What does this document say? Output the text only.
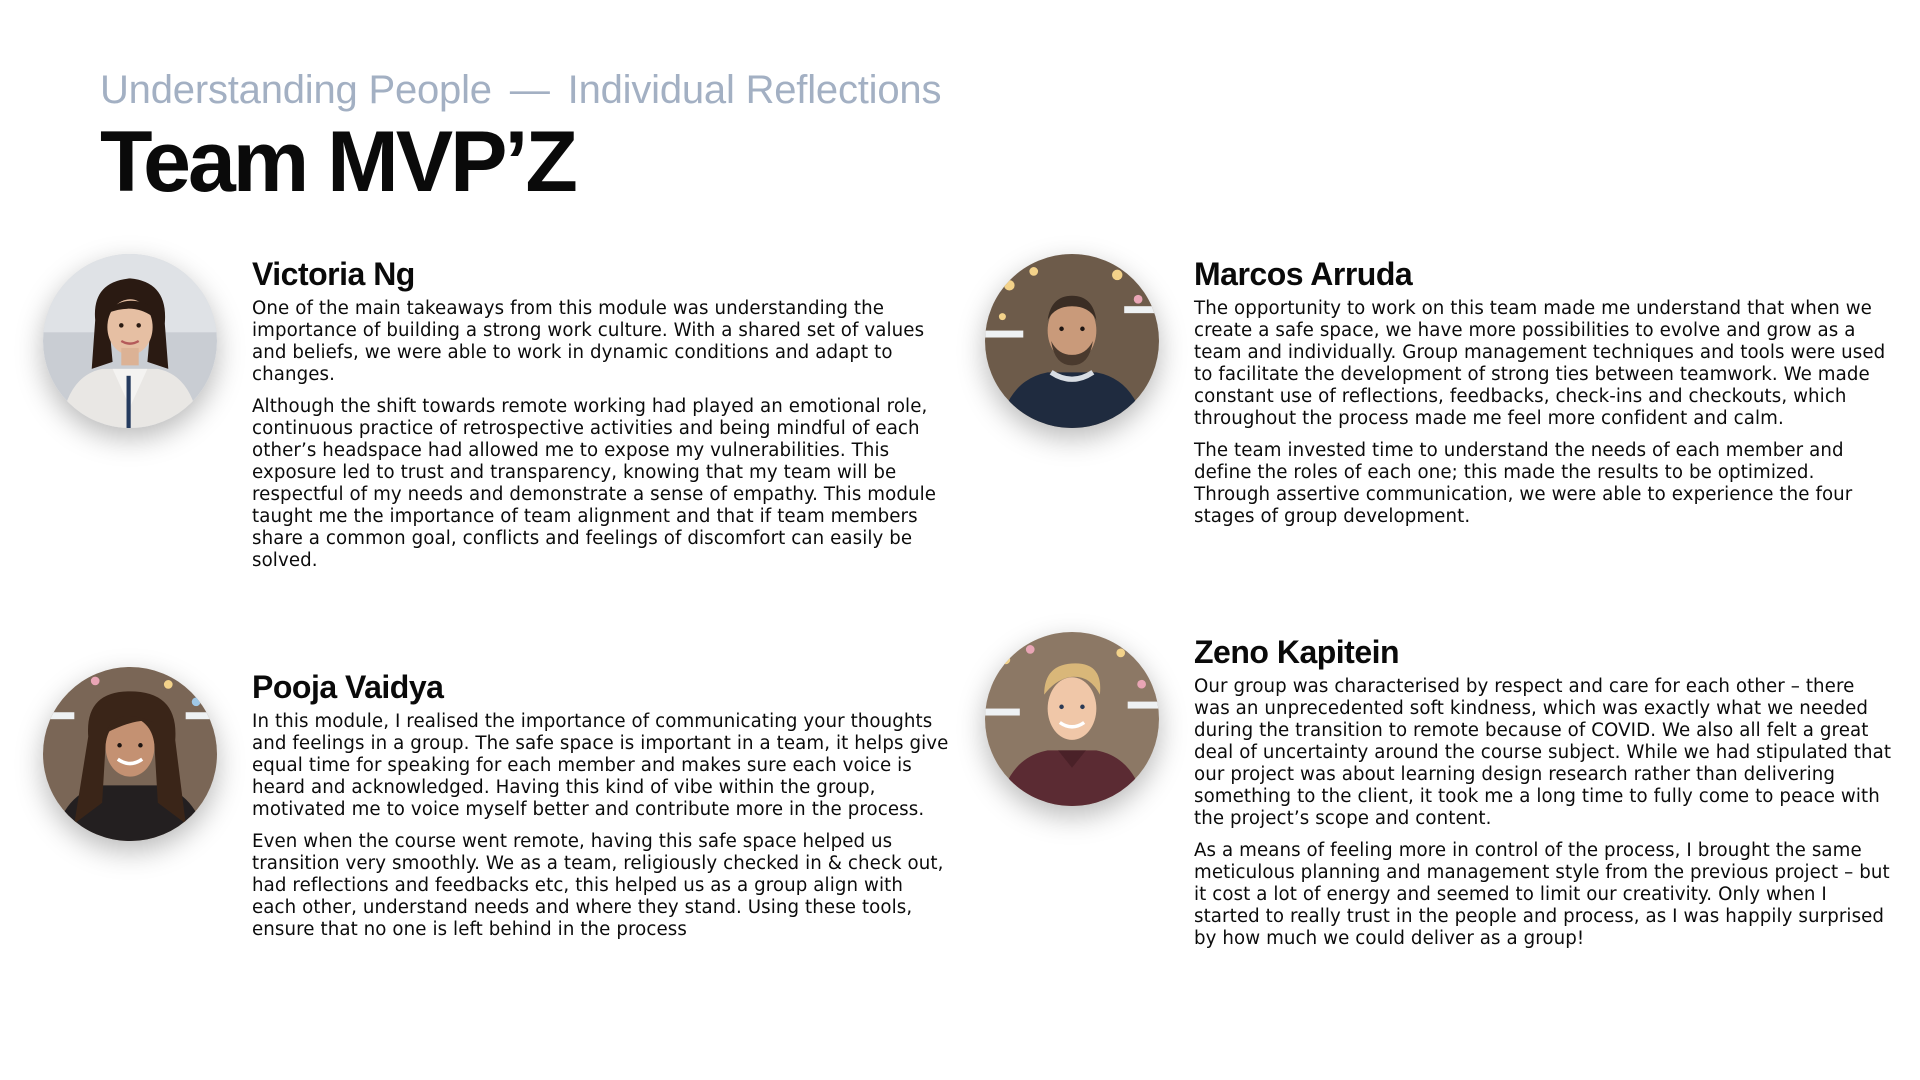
Understanding People — Individual Reflections
Team MVP’Z
Victoria Ng

One of the main takeaways from this module was understanding the importance of building a strong work culture. With a shared set of values and beliefs, we were able to work in dynamic conditions and adapt to changes.

Although the shift towards remote working had played an emotional role, continuous practice of retrospective activities and being mindful of each other’s headspace had allowed me to expose my vulnerabilities. This exposure led to trust and transparency, knowing that my team will be respectful of my needs and demonstrate a sense of empathy. This module taught me the importance of team alignment and that if team members share a common goal, conflicts and feelings of discomfort can easily be solved.

Marcos Arruda

The opportunity to work on this team made me understand that when we create a safe space, we have more possibilities to evolve and grow as a team and individually. Group management techniques and tools were used to facilitate the development of strong ties between teamwork. We made constant use of reflections, feedbacks, check-ins and checkouts, which throughout the process made me feel more confident and calm.

The team invested time to understand the needs of each member and define the roles of each one; this made the results to be optimized. Through assertive communication, we were able to experience the four stages of group development.

Pooja Vaidya

In this module, I realised the importance of communicating your thoughts and feelings in a group. The safe space is important in a team, it helps give equal time for speaking for each member and makes sure each voice is heard and acknowledged. Having this kind of vibe within the group, motivated me to voice myself better and contribute more in the process.

Even when the course went remote, having this safe space helped us transition very smoothly. We as a team, religiously checked in & check out, had reflections and feedbacks etc, this helped us as a group align with each other, understand needs and where they stand. Using these tools, ensure that no one is left behind in the process

Zeno Kapitein

Our group was characterised by respect and care for each other – there was an unprecedented soft kindness, which was exactly what we needed during the transition to remote because of COVID. We also all felt a great deal of uncertainty around the course subject. While we had stipulated that our project was about learning design research rather than delivering something to the client, it took me a long time to fully come to peace with the project’s scope and content.

As a means of feeling more in control of the process, I brought the same meticulous planning and management style from the previous project – but it cost a lot of energy and seemed to limit our creativity. Only when I started to really trust in the people and process, as I was happily surprised by how much we could deliver as a group!
